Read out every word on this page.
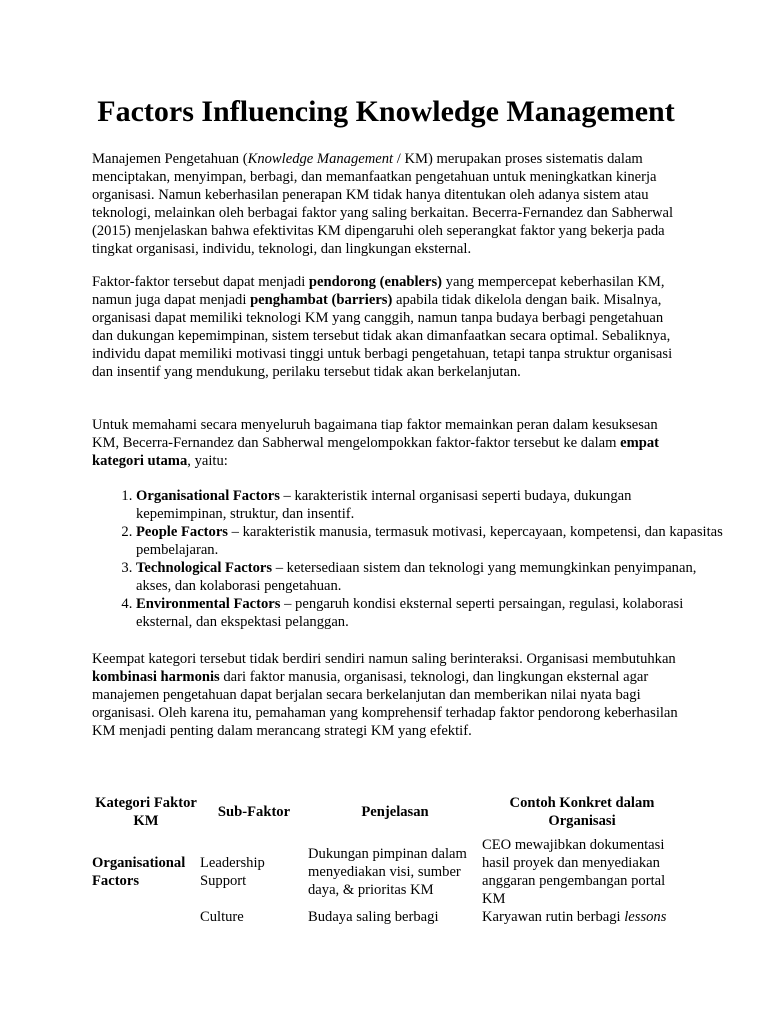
Factors Influencing Knowledge Management

Manajemen Pengetahuan (Knowledge Management / KM) merupakan proses sistematis dalam menciptakan, menyimpan, berbagi, dan memanfaatkan pengetahuan untuk meningkatkan kinerja organisasi. Namun keberhasilan penerapan KM tidak hanya ditentukan oleh adanya sistem atau teknologi, melainkan oleh berbagai faktor yang saling berkaitan. Becerra-Fernandez dan Sabherwal (2015) menjelaskan bahwa efektivitas KM dipengaruhi oleh seperangkat faktor yang bekerja pada tingkat organisasi, individu, teknologi, dan lingkungan eksternal.

Faktor-faktor tersebut dapat menjadi pendorong (enablers) yang mempercepat keberhasilan KM, namun juga dapat menjadi penghambat (barriers) apabila tidak dikelola dengan baik. Misalnya, organisasi dapat memiliki teknologi KM yang canggih, namun tanpa budaya berbagi pengetahuan dan dukungan kepemimpinan, sistem tersebut tidak akan dimanfaatkan secara optimal. Sebaliknya, individu dapat memiliki motivasi tinggi untuk berbagi pengetahuan, tetapi tanpa struktur organisasi dan insentif yang mendukung, perilaku tersebut tidak akan berkelanjutan.

Untuk memahami secara menyeluruh bagaimana tiap faktor memainkan peran dalam kesuksesan KM, Becerra-Fernandez dan Sabherwal mengelompokkan faktor-faktor tersebut ke dalam empat kategori utama, yaitu:

1. Organisational Factors – karakteristik internal organisasi seperti budaya, dukungan kepemimpinan, struktur, dan insentif.
2. People Factors – karakteristik manusia, termasuk motivasi, kepercayaan, kompetensi, dan kapasitas pembelajaran.
3. Technological Factors – ketersediaan sistem dan teknologi yang memungkinkan penyimpanan, akses, dan kolaborasi pengetahuan.
4. Environmental Factors – pengaruh kondisi eksternal seperti persaingan, regulasi, kolaborasi eksternal, dan ekspektasi pelanggan.

Keempat kategori tersebut tidak berdiri sendiri namun saling berinteraksi. Organisasi membutuhkan kombinasi harmonis dari faktor manusia, organisasi, teknologi, dan lingkungan eksternal agar manajemen pengetahuan dapat berjalan secara berkelanjutan dan memberikan nilai nyata bagi organisasi. Oleh karena itu, pemahaman yang komprehensif terhadap faktor pendorong keberhasilan KM menjadi penting dalam merancang strategi KM yang efektif.

Kategori Faktor KM	Sub-Faktor	Penjelasan	Contoh Konkret dalam Organisasi
Organisational Factors	Leadership Support	Dukungan pimpinan dalam menyediakan visi, sumber daya, & prioritas KM	CEO mewajibkan dokumentasi hasil proyek dan menyediakan anggaran pengembangan portal KM
	Culture	Budaya saling berbagi	Karyawan rutin berbagi lessons
